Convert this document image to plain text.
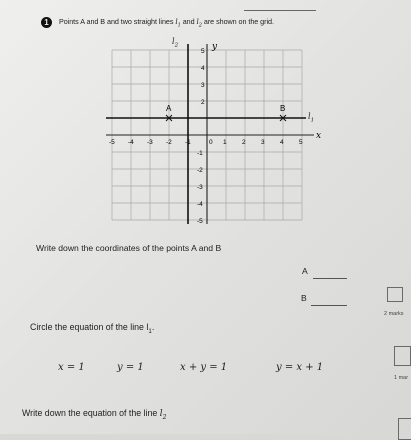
1	Points A and B and two straight lines $l_1$ and $l_2$ are shown on the grid.
x
y
-5 -4 -3 -2 -1	0 1 2 3 4 5
5
4
3
2
-1
-2
-3
-4
-5
A	B
$l_2$
$l_1$
Write down the coordinates of the points A and B
A
B
2 marks
Circle the equation of the line $l_1$.
x = 1	y = 1	x + y = 1	y = x + 1
1 mar
Write down the equation of the line $l_2$
